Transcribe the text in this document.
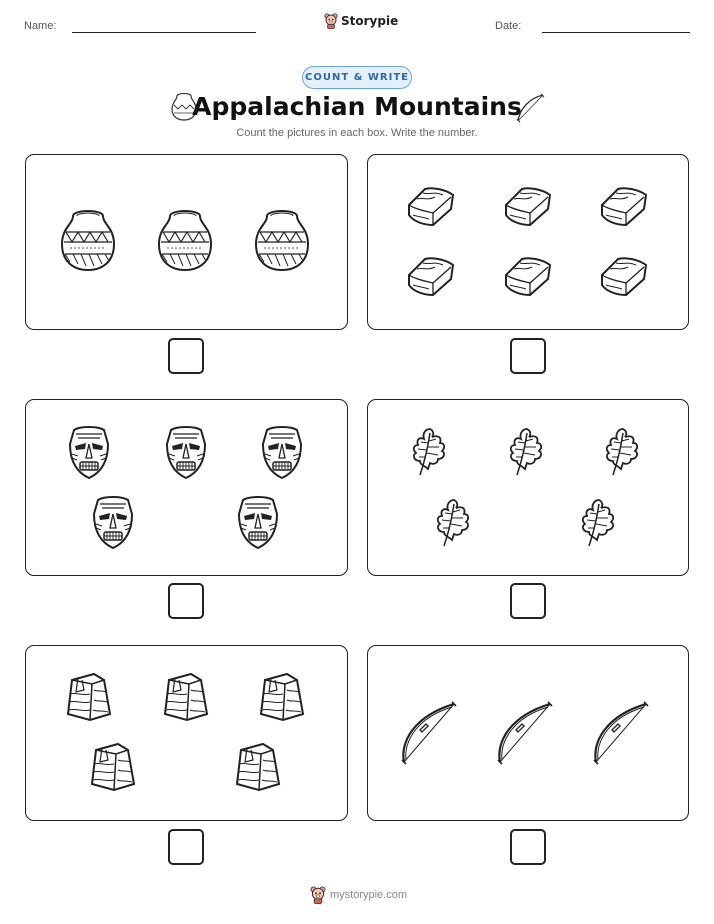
Name:	Storypie	Date:
COUNT & WRITE
Appalachian Mountains
Count the pictures in each box. Write the number.
mystorypie.com
